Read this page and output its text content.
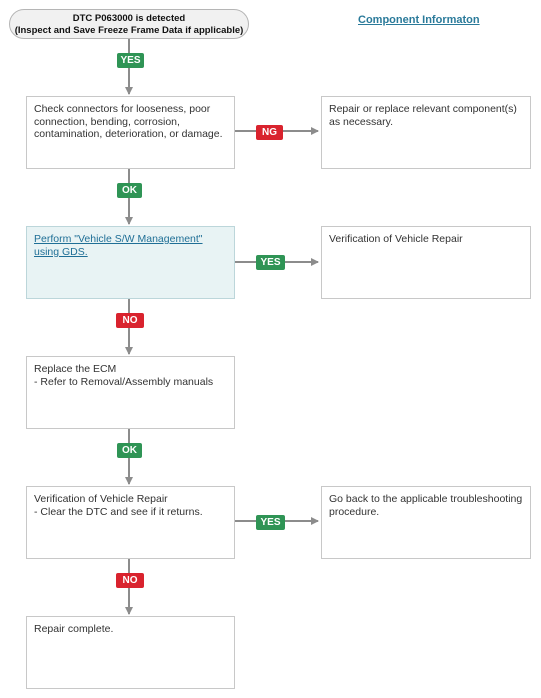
DTC P063000 is detected
(Inspect and Save Freeze Frame Data if applicable)
Component Informaton
YES
Check connectors for looseness, poor connection, bending, corrosion, contamination, deterioration, or damage.	NG
Repair or replace relevant component(s) as necessary.
OK
Perform "Vehicle S/W Management" using GDS.
YES
Verification of Vehicle Repair
NO
Replace the ECM
- Refer to Removal/Assembly manuals
OK
Verification of Vehicle Repair
- Clear the DTC and see if it returns.
YES
Go back to the applicable troubleshooting procedure.
NO
Repair complete.
